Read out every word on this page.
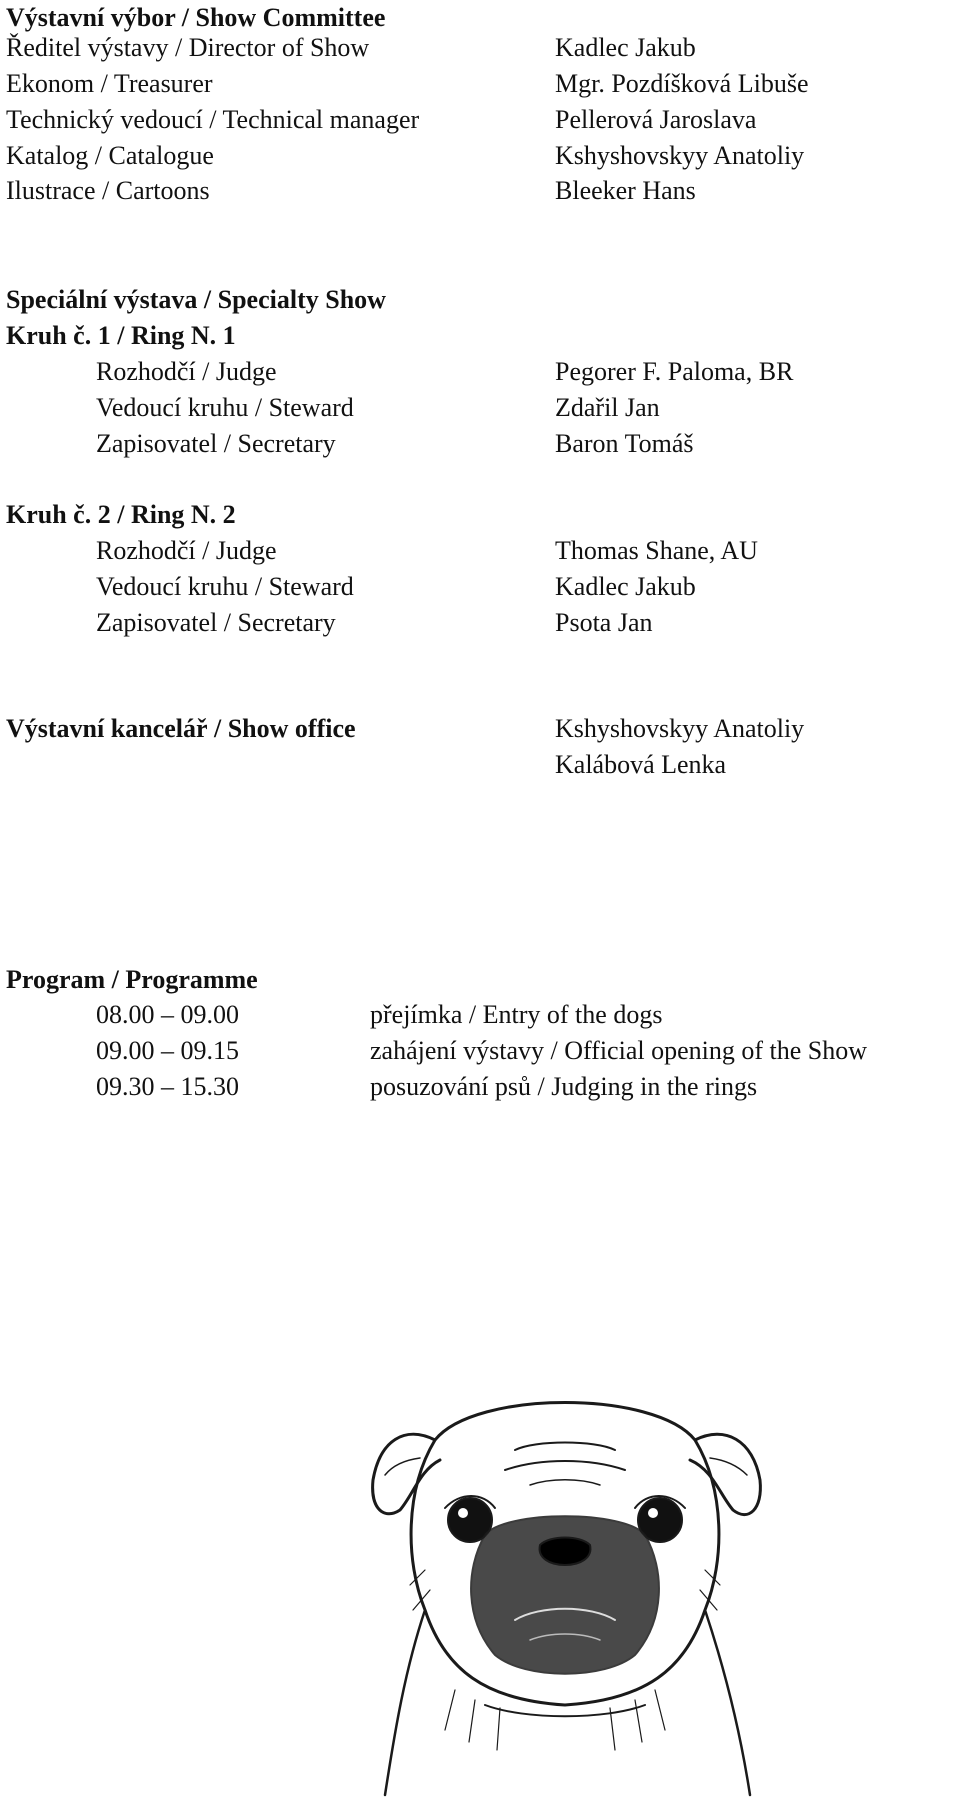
Výstavní výbor / Show Committee
Ředitel výstavy / Director of Show	Kadlec Jakub
Ekonom / Treasurer	Mgr. Pozdíšková Libuše
Technický vedoucí / Technical manager	Pellerová Jaroslava
Katalog / Catalogue	Kshyshovskyy Anatoliy
Ilustrace / Cartoons	Bleeker Hans
Speciální výstava / Specialty Show
Kruh č. 1 / Ring N. 1
Rozhodčí / Judge	Pegorer F. Paloma, BR
Vedoucí kruhu / Steward	Zdařil Jan
Zapisovatel / Secretary	Baron Tomáš
Kruh č. 2 / Ring N. 2
Rozhodčí / Judge	Thomas Shane, AU
Vedoucí kruhu / Steward	Kadlec Jakub
Zapisovatel / Secretary	Psota Jan
Výstavní kancelář / Show office	Kshyshovskyy Anatoliy
Kalábová Lenka
Program / Programme
08.00 – 09.00	přejímka / Entry of the dogs
09.00 – 09.15	zahájení výstavy / Official opening of the Show
09.30 – 15.30	posuzování psů / Judging in the rings
